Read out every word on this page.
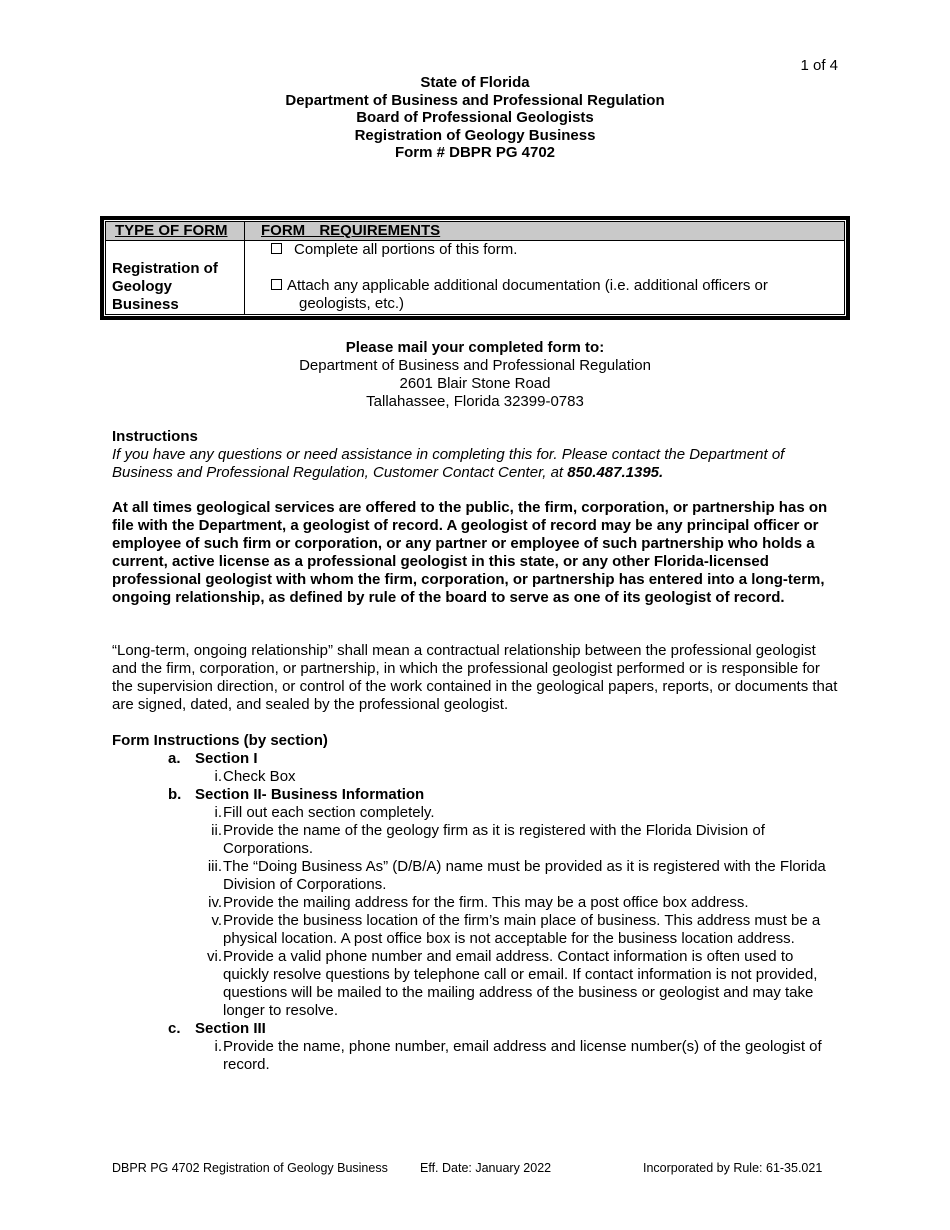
1 of 4
State of Florida
Department of Business and Professional Regulation
Board of Professional Geologists
Registration of Geology Business
Form # DBPR PG 4702
TYPE OF FORM FORM REQUIREMENTS
Registration of
Geology
Business
Complete all portions of this form.
Attach any applicable additional documentation (i.e. additional officers or
geologists, etc.)
Please mail your completed form to:
Department of Business and Professional Regulation
2601 Blair Stone Road
Tallahassee, Florida 32399-0783
Instructions
If you have any questions or need assistance in completing this for. Please contact the Department of Business and Professional Regulation, Customer Contact Center, at 850.487.1395.
At all times geological services are offered to the public, the firm, corporation, or partnership has on file with the Department, a geologist of record. A geologist of record may be any principal officer or employee of such firm or corporation, or any partner or employee of such partnership who holds a current, active license as a professional geologist in this state, or any other Florida-licensed professional geologist with whom the firm, corporation, or partnership has entered into a long-term, ongoing relationship, as defined by rule of the board to serve as one of its geologist of record.
“Long-term, ongoing relationship” shall mean a contractual relationship between the professional geologist and the firm, corporation, or partnership, in which the professional geologist performed or is responsible for the supervision direction, or control of the work contained in the geological papers, reports, or documents that are signed, dated, and sealed by the professional geologist.
Form Instructions (by section)
a. Section I
i. Check Box
b. Section II- Business Information
i. Fill out each section completely.
ii. Provide the name of the geology firm as it is registered with the Florida Division of Corporations.
iii. The “Doing Business As” (D/B/A) name must be provided as it is registered with the Florida Division of Corporations.
iv. Provide the mailing address for the firm. This may be a post office box address.
v. Provide the business location of the firm’s main place of business. This address must be a physical location. A post office box is not acceptable for the business location address.
vi. Provide a valid phone number and email address. Contact information is often used to quickly resolve questions by telephone call or email. If contact information is not provided, questions will be mailed to the mailing address of the business or geologist and may take longer to resolve.
c. Section III
i. Provide the name, phone number, email address and license number(s) of the geologist of record.
DBPR PG 4702 Registration of Geology Business	Eff. Date: January 2022	Incorporated by Rule: 61-35.021
